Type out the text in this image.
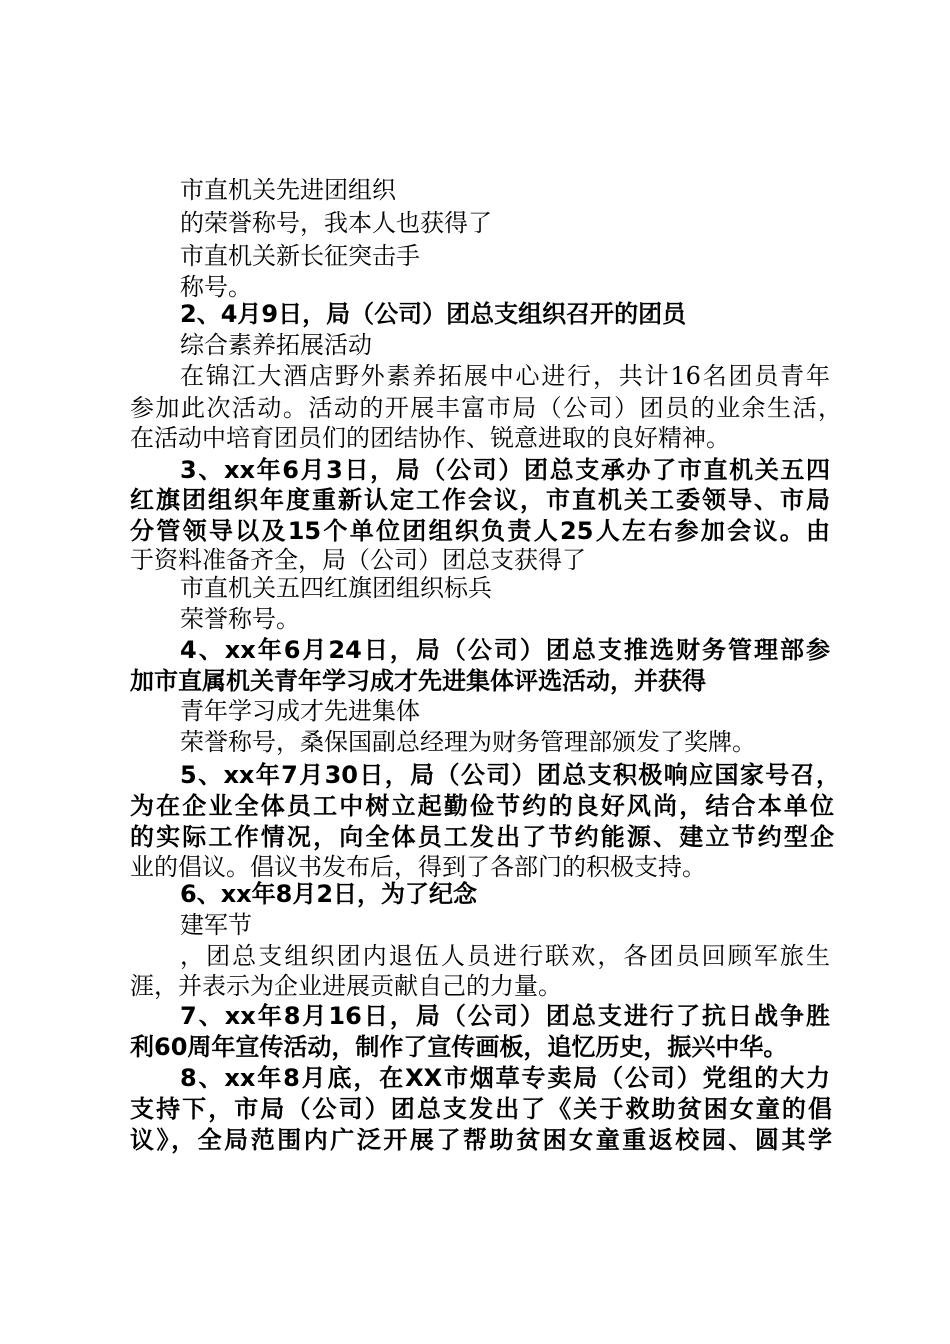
市直机关先进团组织
的荣誉称号，我本人也获得了
市直机关新长征突击手
称号。
2、4月9日，局（公司）团总支组织召开的团员
综合素养拓展活动
在锦江大酒店野外素养拓展中心进行，共计16名团员青年
参加此次活动。活动的开展丰富市局（公司）团员的业余生活，
在活动中培育团员们的团结协作、锐意进取的良好精神。
3、xx年6月3日，局（公司）团总支承办了市直机关五四
红旗团组织年度重新认定工作会议，市直机关工委领导、市局
分管领导以及15个单位团组织负责人25人左右参加会议。由
于资料准备齐全，局（公司）团总支获得了
市直机关五四红旗团组织标兵
荣誉称号。
4、xx年6月24日，局（公司）团总支推选财务管理部参
加市直属机关青年学习成才先进集体评选活动，并获得
青年学习成才先进集体
荣誉称号，桑保国副总经理为财务管理部颁发了奖牌。
5、xx年7月30日，局（公司）团总支积极响应国家号召，
为在企业全体员工中树立起勤俭节约的良好风尚，结合本单位
的实际工作情况，向全体员工发出了节约能源、建立节约型企
业的倡议。倡议书发布后，得到了各部门的积极支持。
6、xx年8月2日，为了纪念
建军节
，团总支组织团内退伍人员进行联欢，各团员回顾军旅生
涯，并表示为企业进展贡献自己的力量。
7、xx年8月16日，局（公司）团总支进行了抗日战争胜
利60周年宣传活动，制作了宣传画板，追忆历史，振兴中华。
8、xx年8月底，在XX市烟草专卖局（公司）党组的大力
支持下，市局（公司）团总支发出了《关于救助贫困女童的倡
议》，全局范围内广泛开展了帮助贫困女童重返校园、圆其学
